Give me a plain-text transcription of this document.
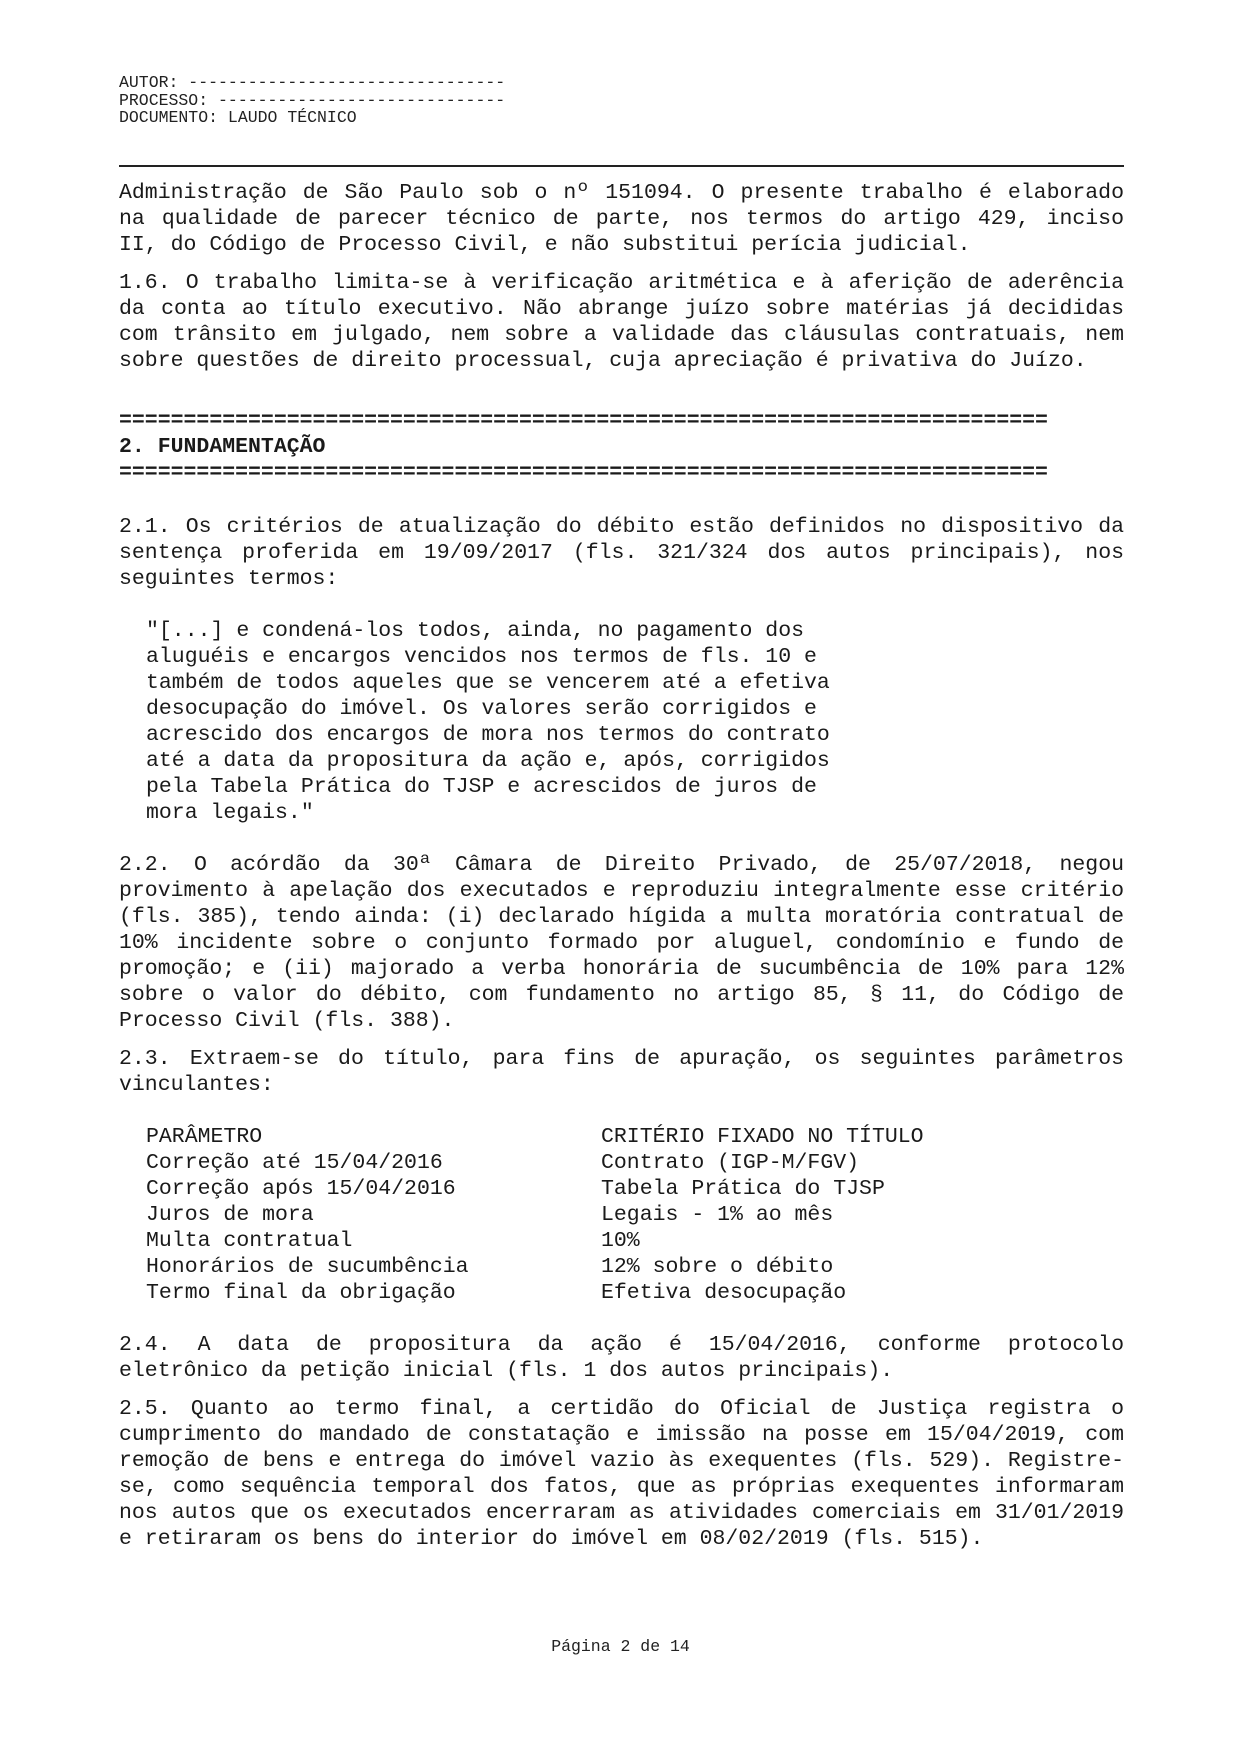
AUTOR: --------------------------------
PROCESSO: -----------------------------
DOCUMENTO: LAUDO TÉCNICO

Administração de São Paulo sob o nº 151094. O presente trabalho é elaborado na qualidade de parecer técnico de parte, nos termos do artigo 429, inciso II, do Código de Processo Civil, e não substitui perícia judicial.

1.6. O trabalho limita-se à verificação aritmética e à aferição de aderência da conta ao título executivo. Não abrange juízo sobre matérias já decididas com trânsito em julgado, nem sobre a validade das cláusulas contratuais, nem sobre questões de direito processual, cuja apreciação é privativa do Juízo.

========================================================================
2. FUNDAMENTAÇÃO
========================================================================

2.1. Os critérios de atualização do débito estão definidos no dispositivo da sentença proferida em 19/09/2017 (fls. 321/324 dos autos principais), nos seguintes termos:

"[...] e condená-los todos, ainda, no pagamento dos
aluguéis e encargos vencidos nos termos de fls. 10 e
também de todos aqueles que se vencerem até a efetiva
desocupação do imóvel. Os valores serão corrigidos e
acrescido dos encargos de mora nos termos do contrato
até a data da propositura da ação e, após, corrigidos
pela Tabela Prática do TJSP e acrescidos de juros de
mora legais."

2.2. O acórdão da 30ª Câmara de Direito Privado, de 25/07/2018, negou provimento à apelação dos executados e reproduziu integralmente esse critério (fls. 385), tendo ainda: (i) declarado hígida a multa moratória contratual de 10% incidente sobre o conjunto formado por aluguel, condomínio e fundo de promoção; e (ii) majorado a verba honorária de sucumbência de 10% para 12% sobre o valor do débito, com fundamento no artigo 85, § 11, do Código de Processo Civil (fls. 388).

2.3. Extraem-se do título, para fins de apuração, os seguintes parâmetros vinculantes:

PARÂMETRO	CRITÉRIO FIXADO NO TÍTULO
Correção até 15/04/2016	Contrato (IGP-M/FGV)
Correção após 15/04/2016	Tabela Prática do TJSP
Juros de mora	Legais - 1% ao mês
Multa contratual	10%
Honorários de sucumbência	12% sobre o débito
Termo final da obrigação	Efetiva desocupação

2.4. A data de propositura da ação é 15/04/2016, conforme protocolo eletrônico da petição inicial (fls. 1 dos autos principais).

2.5. Quanto ao termo final, a certidão do Oficial de Justiça registra o cumprimento do mandado de constatação e imissão na posse em 15/04/2019, com remoção de bens e entrega do imóvel vazio às exequentes (fls. 529). Registre-se, como sequência temporal dos fatos, que as próprias exequentes informaram nos autos que os executados encerraram as atividades comerciais em 31/01/2019 e retiraram os bens do interior do imóvel em 08/02/2019 (fls. 515).

Página 2 de 14
